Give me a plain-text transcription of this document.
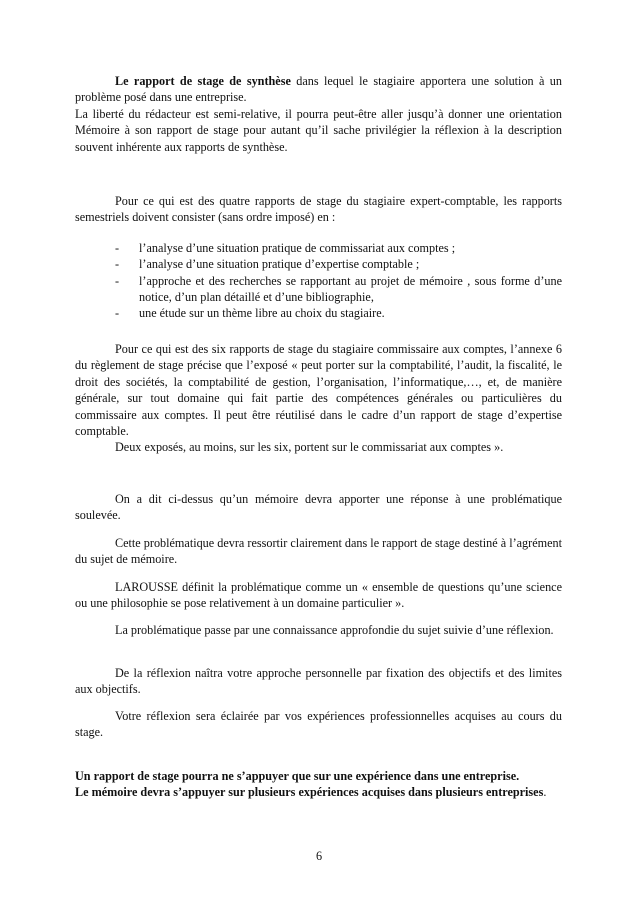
Le rapport de stage de synthèse dans lequel le stagiaire apportera une solution à un problème posé dans une entreprise.

La liberté du rédacteur est semi-relative, il pourra peut-être aller jusqu’à donner une orientation Mémoire à son rapport de stage pour autant qu’il sache privilégier la réflexion à la description souvent inhérente aux rapports de synthèse.

Pour ce qui est des quatre rapports de stage du stagiaire expert-comptable, les rapports semestriels doivent consister (sans ordre imposé) en :

- l’analyse d’une situation pratique de commissariat aux comptes ;
- l’analyse d’une situation pratique d’expertise comptable ;
- l’approche et des recherches se rapportant au projet de mémoire , sous forme d’une notice, d’un plan détaillé et d’une bibliographie,
- une étude sur un thème libre au choix du stagiaire.

Pour ce qui est des six rapports de stage du stagiaire commissaire aux comptes, l’annexe 6 du règlement de stage précise que l’exposé « peut porter sur la comptabilité, l’audit, la fiscalité, le droit des sociétés, la comptabilité de gestion, l’organisation, l’informatique,…, et, de manière générale, sur tout domaine qui fait partie des compétences générales ou particulières du commissaire aux comptes. Il peut être réutilisé dans le cadre d’un rapport de stage d’expertise comptable.

Deux exposés, au moins, sur les six, portent sur le commissariat aux comptes ».

On a dit ci-dessus qu’un mémoire devra apporter une réponse à une problématique soulevée.

Cette problématique devra ressortir clairement dans le rapport de stage destiné à l’agrément du sujet de mémoire.

LAROUSSE définit la problématique comme un « ensemble de questions qu’une science ou une philosophie se pose relativement à un domaine particulier ».

La problématique passe par une connaissance approfondie du sujet suivie d’une réflexion.

De la réflexion naîtra votre approche personnelle par fixation des objectifs et des limites aux objectifs.

Votre réflexion sera éclairée par vos expériences professionnelles acquises au cours du stage.

Un rapport de stage pourra ne s’appuyer que sur une expérience dans une entreprise.

Le mémoire devra s’appuyer sur plusieurs expériences acquises dans plusieurs entreprises.

6
